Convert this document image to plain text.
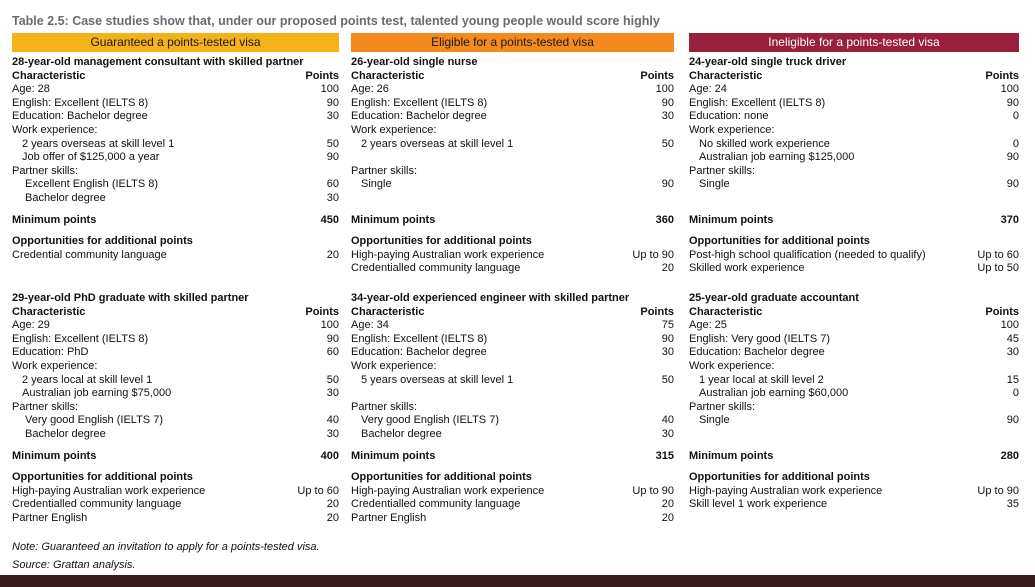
Table 2.5: Case studies show that, under our proposed points test, talented young people would score highly
Guaranteed a points-tested visa
28-year-old management consultant with skilled partner
Characteristic	Points
Age: 28	100
English: Excellent (IELTS 8)	90
Education: Bachelor degree	30
Work experience:
2 years overseas at skill level 1	50
Job offer of $125,000 a year	90
Partner skills:
Excellent English (IELTS 8)	60
Bachelor degree	30
Minimum points	450
Opportunities for additional points
Credential community language	20
29-year-old PhD graduate with skilled partner
Characteristic	Points
Age: 29	100
English: Excellent (IELTS 8)	90
Education: PhD	60
Work experience:
2 years local at skill level 1	50
Australian job earning $75,000	30
Partner skills:
Very good English (IELTS 7)	40
Bachelor degree	30
Minimum points	400
Opportunities for additional points
High-paying Australian work experience	Up to 60
Credentialled community language	20
Partner English	20
Eligible for a points-tested visa
26-year-old single nurse
Characteristic	Points
Age: 26	100
English: Excellent (IELTS 8)	90
Education: Bachelor degree	30
Work experience:
2 years overseas at skill level 1	50
Partner skills:
Single	90
Minimum points	360
Opportunities for additional points
High-paying Australian work experience	Up to 90
Credentialled community language	20
34-year-old experienced engineer with skilled partner
Characteristic	Points
Age: 34	75
English: Excellent (IELTS 8)	90
Education: Bachelor degree	30
Work experience:
5 years overseas at skill level 1	50
Partner skills:
Very good English (IELTS 7)	40
Bachelor degree	30
Minimum points	315
Opportunities for additional points
High-paying Australian work experience	Up to 90
Credentialled community language	20
Partner English	20
Ineligible for a points-tested visa
24-year-old single truck driver
Characteristic	Points
Age: 24	100
English: Excellent (IELTS 8)	90
Education: none	0
Work experience:
No skilled work experience	0
Australian job earning $125,000	90
Partner skills:
Single	90
Minimum points	370
Opportunities for additional points
Post-high school qualification (needed to qualify)	Up to 60
Skilled work experience	Up to 50
25-year-old graduate accountant
Characteristic	Points
Age: 25	100
English: Very good (IELTS 7)	45
Education: Bachelor degree	30
Work experience:
1 year local at skill level 2	15
Australian job earning $60,000	0
Partner skills:
Single	90
Minimum points	280
Opportunities for additional points
High-paying Australian work experience	Up to 90
Skill level 1 work experience	35
Note: Guaranteed an invitation to apply for a points-tested visa.
Source: Grattan analysis.
